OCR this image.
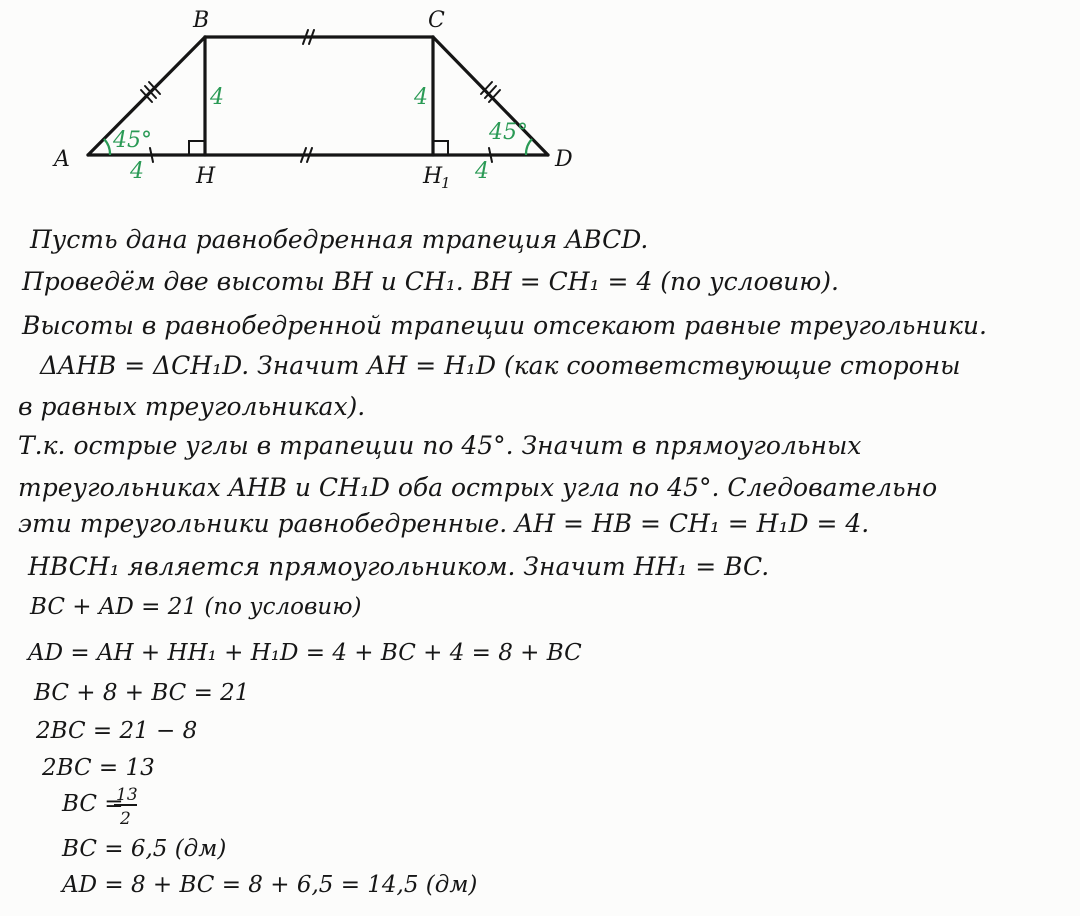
A
B	C
D
H	H
1
45°	45°
4	4
4	4
Пусть дана равнобедренная трапеция ABCD.
Проведём две высоты BH и CH₁. BH = CH₁ = 4 (по условию).
Высоты в равнобедренной трапеции отсекают равные треугольники.
ΔAHB = ΔCH₁D. Значит AH = H₁D (как соответствующие стороны
в равных треугольниках).
Т.к. острые углы в трапеции по 45°. Значит в прямоугольных
треугольниках AHB и CH₁D оба острых угла по 45°. Следовательно
эти треугольники равнобедренные. AH = HB = CH₁ = H₁D = 4.
HBCH₁ является прямоугольником. Значит HH₁ = BC.
BC + AD = 21 (по условию)
AD = AH + HH₁ + H₁D = 4 + BC + 4 = 8 + BC
BC + 8 + BC = 21
2BC = 21 − 8
2BC = 13
BC =
13
2
BC = 6,5 (дм)
AD = 8 + BC = 8 + 6,5 = 14,5 (дм)
